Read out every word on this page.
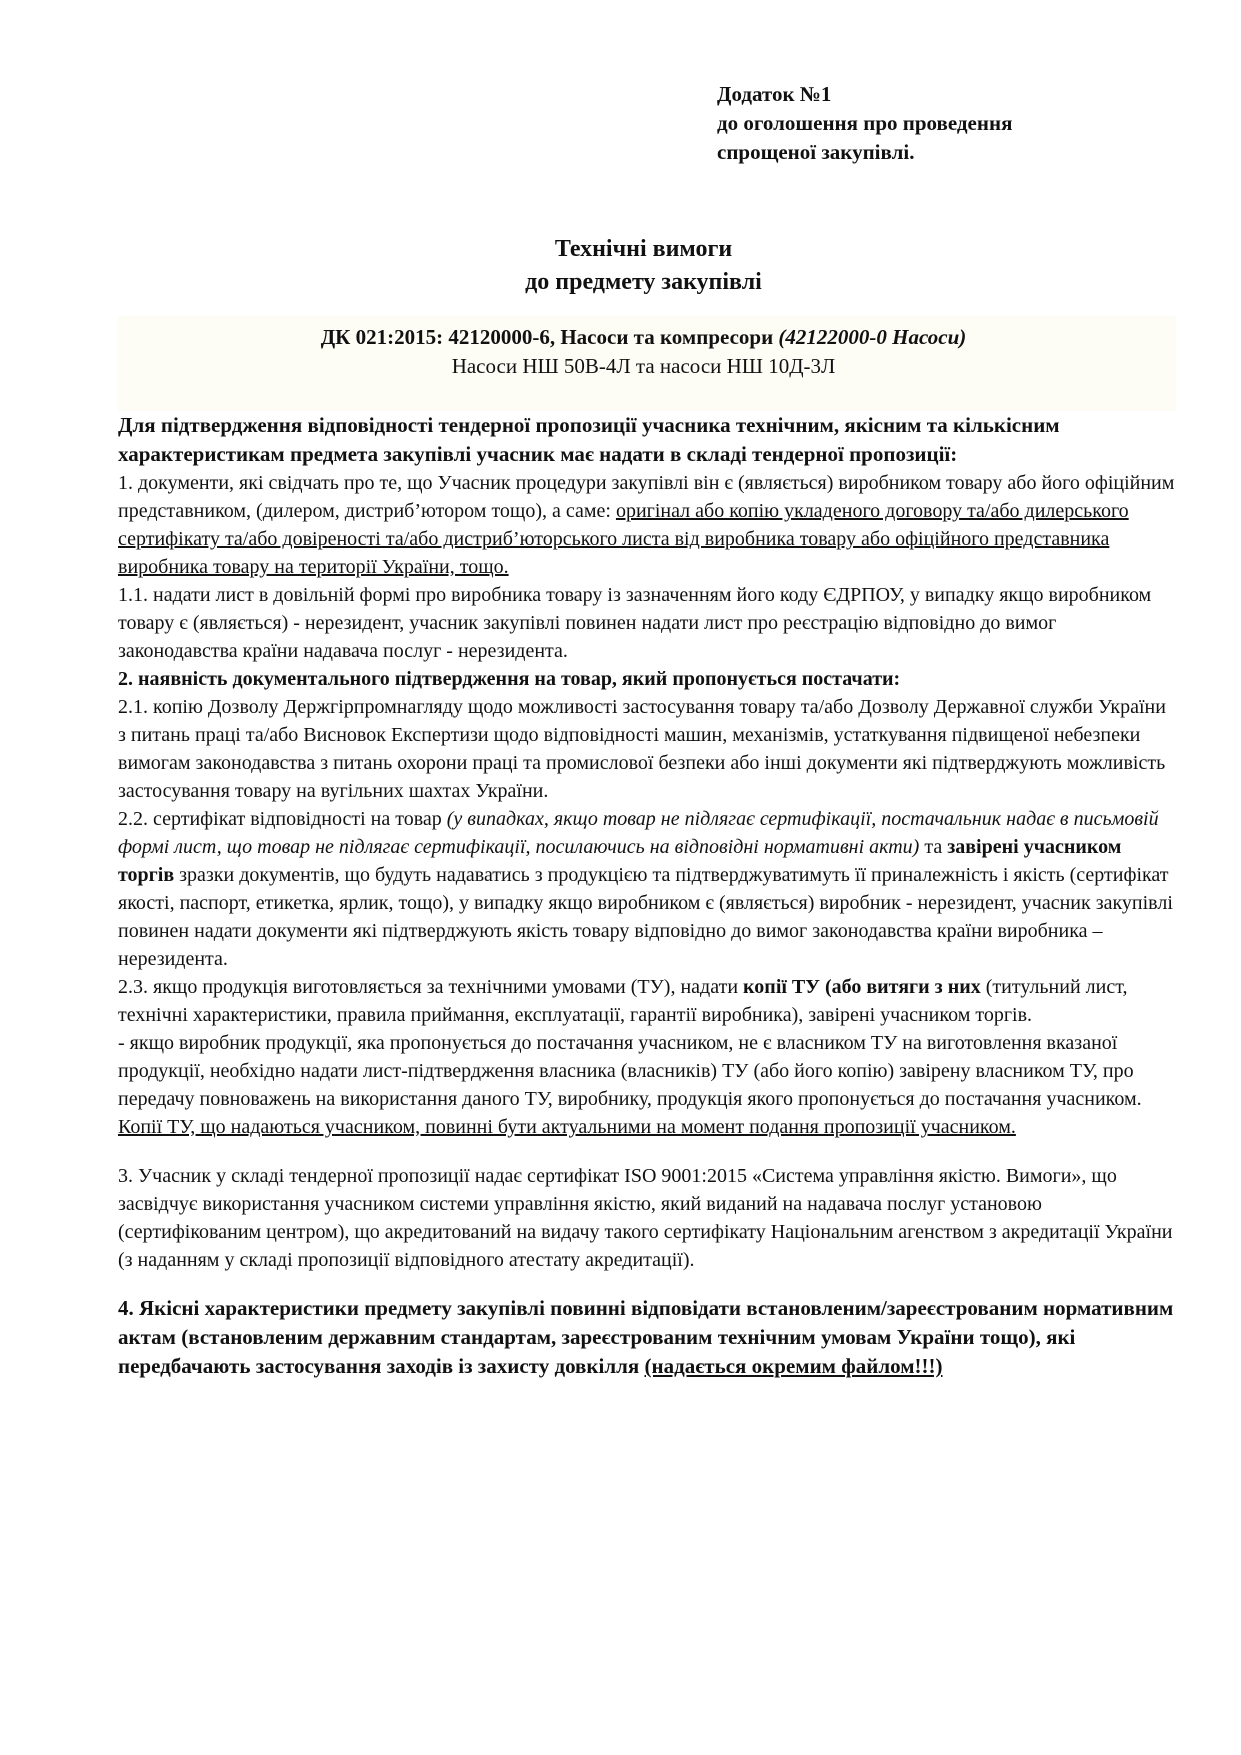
Додаток №1
до оголошення про проведення
спрощеної закупівлі.
Технічні вимоги
до предмету закупівлі
ДК 021:2015: 42120000-6, Насоси та компресори (42122000-0 Насоси)
Насоси НШ 50В-4Л та насоси НШ 10Д-3Л

Для підтвердження відповідності тендерної пропозиції учасника технічним, якісним та кількісним характеристикам предмета закупівлі учасник має надати в складі тендерної пропозиції:

1. документи, які свідчать про те, що Учасник процедури закупівлі він є (являється) виробником товару або його офіційним представником, (дилером, дистриб’ютором тощо), а саме: оригінал або копію укладеного договору та/або дилерського сертифікату та/або довіреності та/або дистриб’юторського листа від виробника товару або офіційного представника виробника товару на території України, тощо.

1.1. надати лист в довільній формі про виробника товару із зазначенням його коду ЄДРПОУ, у випадку якщо виробником товару є (являється) - нерезидент, учасник закупівлі повинен надати лист про реєстрацію відповідно до вимог законодавства країни надавача послуг - нерезидента.

2. наявність документального підтвердження на товар, який пропонується постачати:

2.1. копію Дозволу Держгірпромнагляду щодо можливості застосування товару та/або Дозволу Державної служби України з питань праці та/або Висновок Експертизи щодо відповідності машин, механізмів, устаткування підвищеної небезпеки вимогам законодавства з питань охорони праці та промислової безпеки або інші документи які підтверджують можливість застосування товару на вугільних шахтах України.

2.2. сертифікат відповідності на товар (у випадках, якщо товар не підлягає сертифікації, постачальник надає в письмовій формі лист, що товар не підлягає сертифікації, посилаючись на відповідні нормативні акти) та завірені учасником торгів зразки документів, що будуть надаватись з продукцією та підтверджуватимуть її приналежність і якість (сертифікат якості, паспорт, етикетка, ярлик, тощо), у випадку якщо виробником є (являється) виробник - нерезидент, учасник закупівлі повинен надати документи які підтверджують якість товару відповідно до вимог законодавства країни виробника – нерезидента.

2.3. якщо продукція виготовляється за технічними умовами (ТУ), надати копії ТУ (або витяги з них (титульний лист, технічні характеристики, правила приймання, експлуатації, гарантії виробника), завірені учасником торгів.

- якщо виробник продукції, яка пропонується до постачання учасником, не є власником ТУ на виготовлення вказаної продукції, необхідно надати лист-підтвердження власника (власників) ТУ (або його копію) завірену власником ТУ, про передачу повноважень на використання даного ТУ, виробнику, продукція якого пропонується до постачання учасником.

Копії ТУ, що надаються учасником, повинні бути актуальними на момент подання пропозиції учасником.

3. Учасник у складі тендерної пропозиції надає сертифікат ISO 9001:2015 «Система управління якістю. Вимоги», що засвідчує використання учасником системи управління якістю, який виданий на надавача послуг установою (сертифікованим центром), що акредитований на видачу такого сертифікату Національним агенством з акредитації України (з наданням у складі пропозиції відповідного атестату акредитації).

4. Якісні характеристики предмету закупівлі повинні відповідати встановленим/зареєстрованим нормативним актам (встановленим державним стандартам, зареєстрованим технічним умовам України тощо), які передбачають застосування заходів із захисту довкілля (надається окремим файлом!!!)
